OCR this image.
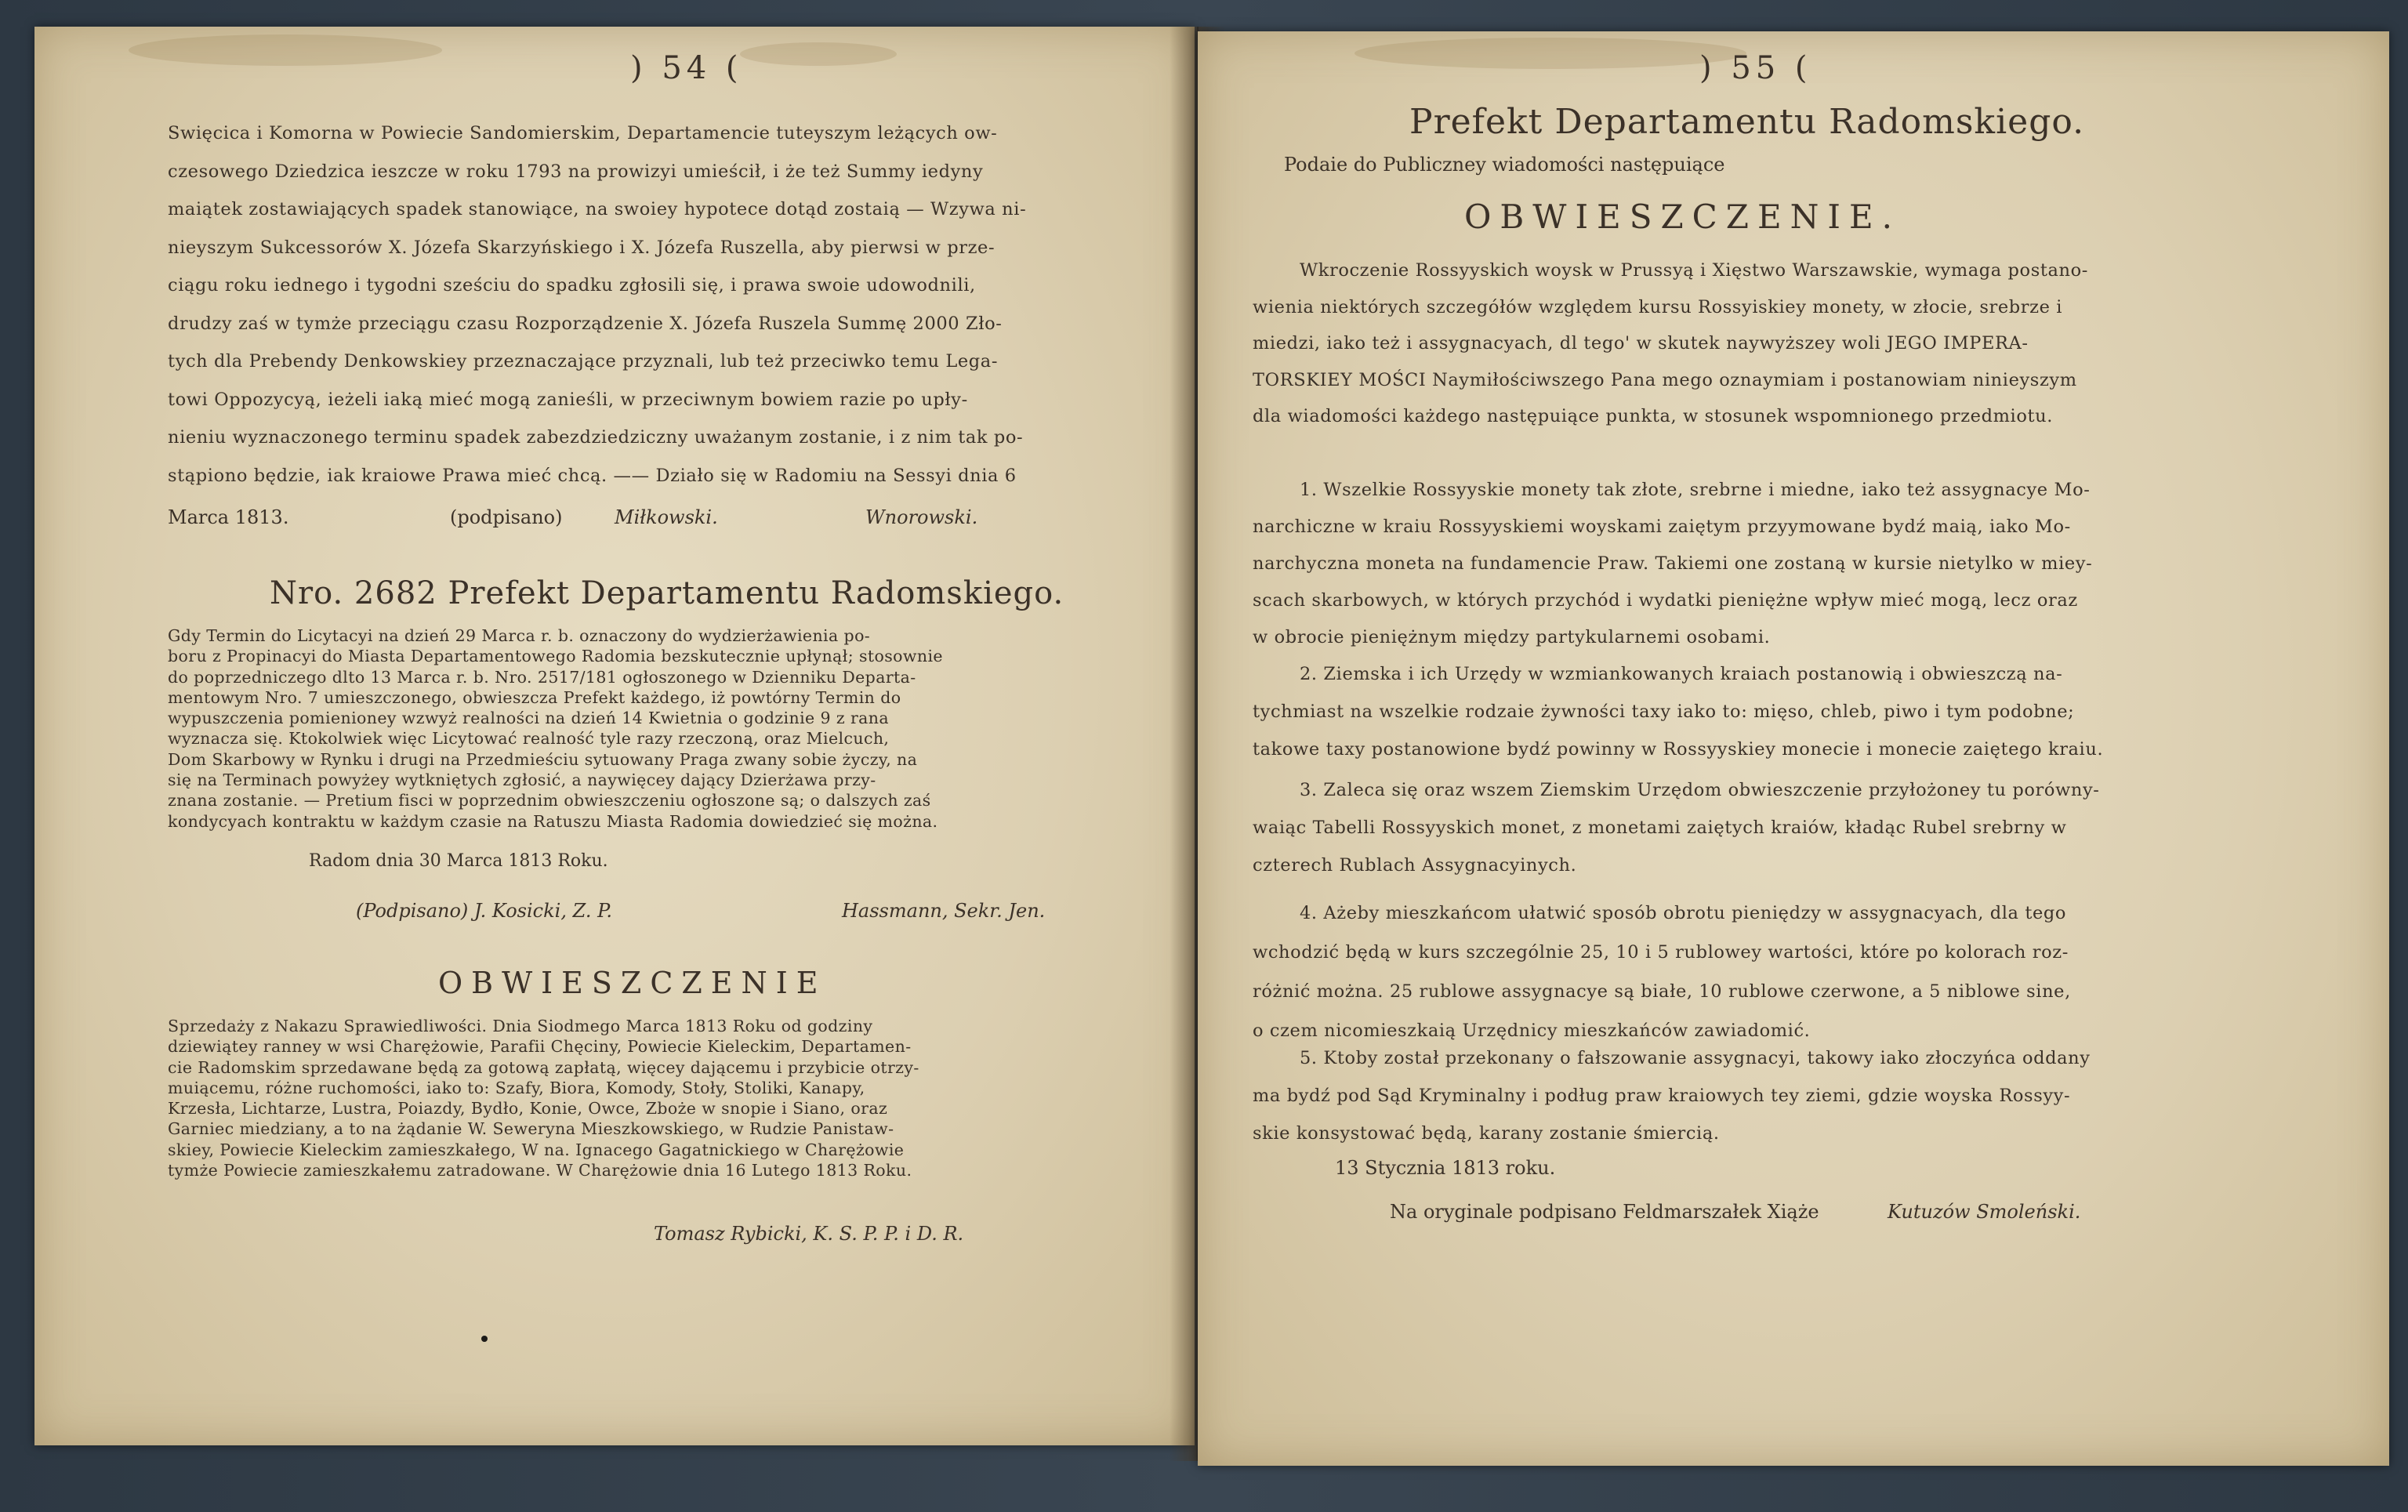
) 54 (
Swięcica i Komorna w Powiecie Sandomierskim, Departamencie tuteyszym leżących ow-
czesowego Dziedzica ieszcze w roku 1793 na prowizyi umieścił, i że też Summy iedyny
maiątek zostawiających spadek stanowiące, na swoiey hypotece dotąd zostaią — Wzywa ni-
nieyszym Sukcessorów X. Józefa Skarzyńskiego i X. Józefa Ruszella, aby pierwsi w prze-
ciągu roku iednego i tygodni sześciu do spadku zgłosili się, i prawa swoie udowodnili,
drudzy zaś w tymże przeciągu czasu Rozporządzenie X. Józefa Ruszela Summę 2000 Zło-
tych dla Prebendy Denkowskiey przeznaczające przyznali, lub też przeciwko temu Lega-
towi Oppozycyą, ieżeli iaką mieć mogą zanieśli, w przeciwnym bowiem razie po upły-
nieniu wyznaczonego terminu spadek zabezdziedziczny uważanym zostanie, i z nim tak po-
stąpiono będzie, iak kraiowe Prawa mieć chcą. —— Działo się w Radomiu na Sessyi dnia 6
Marca 1813.	(podpisano)	Miłkowski.	Wnorowski.
Nro. 2682 Prefekt Departamentu Radomskiego.
Gdy Termin do Licytacyi na dzień 29 Marca r. b. oznaczony do wydzierżawienia po-
boru z Propinacyi do Miasta Departamentowego Radomia bezskutecznie upłynął; stosownie
do poprzedniczego dlto 13 Marca r. b. Nro. 2517/181 ogłoszonego w Dzienniku Departa-
mentowym Nro. 7 umieszczonego, obwieszcza Prefekt każdego, iż powtórny Termin do
wypuszczenia pomienioney wzwyż realności na dzień 14 Kwietnia o godzinie 9 z rana
wyznacza się. Ktokolwiek więc Licytować realność tyle razy rzeczoną, oraz Mielcuch,
Dom Skarbowy w Rynku i drugi na Przedmieściu sytuowany Praga zwany sobie życzy, na
się na Terminach powyżey wytkniętych zgłosić, a naywięcey dający Dzierżawa przy-
znana zostanie. — Pretium fisci w poprzednim obwieszczeniu ogłoszone są; o dalszych zaś
kondycyach kontraktu w każdym czasie na Ratuszu Miasta Radomia dowiedzieć się można.
Radom dnia 30 Marca 1813 Roku.
(Podpisano) J. Kosicki, Z. P.	Hassmann, Sekr. Jen.
OBWIESZCZENIE
Sprzedaży z Nakazu Sprawiedliwości. Dnia Siodmego Marca 1813 Roku od godziny
dziewiątey ranney w wsi Charężowie, Parafii Chęciny, Powiecie Kieleckim, Departamen-
cie Radomskim sprzedawane będą za gotową zapłatą, więcey dającemu i przybicie otrzy-
muiącemu, różne ruchomości, iako to: Szafy, Biora, Komody, Stoły, Stoliki, Kanapy,
Krzesła, Lichtarze, Lustra, Poiazdy, Bydło, Konie, Owce, Zboże w snopie i Siano, oraz
Garniec miedziany, a to na żądanie W. Seweryna Mieszkowskiego, w Rudzie Panistaw-
skiey, Powiecie Kieleckim zamieszkałego, W na. Ignacego Gagatnickiego w Charężowie
tymże Powiecie zamieszkałemu zatradowane. W Charężowie dnia 16 Lutego 1813 Roku.
Tomasz Rybicki, K. S. P. P. i D. R.
) 55 (
Prefekt Departamentu Radomskiego.
Podaie do Publiczney wiadomości następuiące
OBWIESZCZENIE.
Wkroczenie Rossyyskich woysk w Prussyą i Xięstwo Warszawskie, wymaga postano-
wienia niektórych szczegółów względem kursu Rossyiskiey monety, w złocie, srebrze i
miedzi, iako też i assygnacyach, dl tego' w skutek naywyższey woli JEGO IMPERA-
TORSKIEY MOŚCI Naymiłościwszego Pana mego oznaymiam i postanowiam ninieyszym
dla wiadomości każdego następuiące punkta, w stosunek wspomnionego przedmiotu.
1. Wszelkie Rossyyskie monety tak złote, srebrne i miedne, iako też assygnacye Mo-
narchiczne w kraiu Rossyyskiemi woyskami zaiętym przyymowane bydź maią, iako Mo-
narchyczna moneta na fundamencie Praw. Takiemi one zostaną w kursie nietylko w miey-
scach skarbowych, w których przychód i wydatki pieniężne wpływ mieć mogą, lecz oraz
w obrocie pieniężnym między partykularnemi osobami.
2. Ziemska i ich Urzędy w wzmiankowanych kraiach postanowią i obwieszczą na-
tychmiast na wszelkie rodzaie żywności taxy iako to: mięso, chleb, piwo i tym podobne;
takowe taxy postanowione bydź powinny w Rossyyskiey monecie i monecie zaiętego kraiu.
3. Zaleca się oraz wszem Ziemskim Urzędom obwieszczenie przyłożoney tu porówny-
waiąc Tabelli Rossyyskich monet, z monetami zaiętych kraiów, kładąc Rubel srebrny w
czterech Rublach Assygnacyinych.
4. Ażeby mieszkańcom ułatwić sposób obrotu pieniędzy w assygnacyach, dla tego
wchodzić będą w kurs szczególnie 25, 10 i 5 rublowey wartości, które po kolorach roz-
różnić można. 25 rublowe assygnacye są białe, 10 rublowe czerwone, a 5 niblowe sine,
o czem nicomieszkaią Urzędnicy mieszkańców zawiadomić.
5. Ktoby został przekonany o fałszowanie assygnacyi, takowy iako złoczyńca oddany
ma bydź pod Sąd Kryminalny i podług praw kraiowych tey ziemi, gdzie woyska Rossyy-
skie konsystować będą, karany zostanie śmiercią.
13 Stycznia 1813 roku.
Na oryginale podpisano Feldmarszałek Xiąże	Kutuzów Smoleński.
